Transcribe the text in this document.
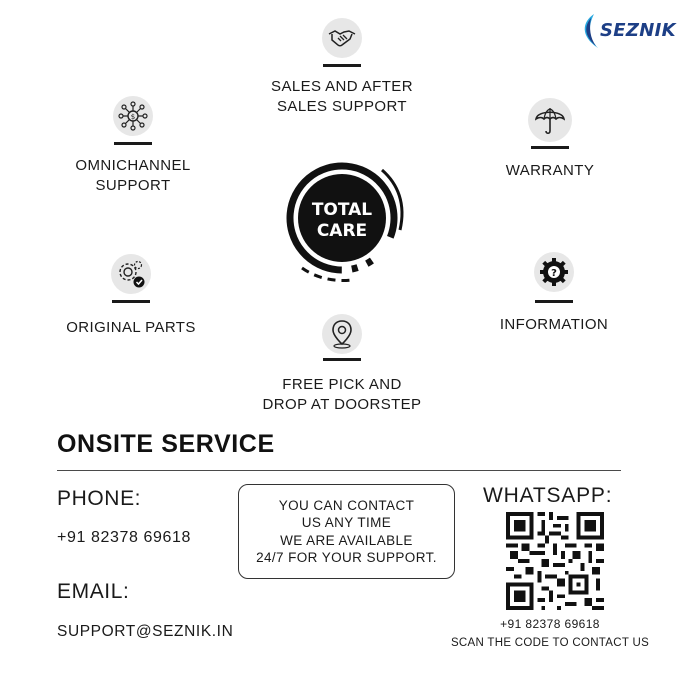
SEZNIK
SALES AND AFTER
SALES SUPPORT
$
OMNICHANNEL
SUPPORT
WARRANTY
TOTAL
CARE
ORIGINAL PARTS
?
INFORMATION
FREE PICK AND
DROP AT DOORSTEP
ONSITE SERVICE
PHONE:
+91 82378 69618
EMAIL:
SUPPORT@SEZNIK.IN
YOU CAN CONTACT
US ANY TIME
WE ARE AVAILABLE
24/7 FOR YOUR SUPPORT.
WHATSAPP:
+91 82378 69618
SCAN THE CODE TO CONTACT US
